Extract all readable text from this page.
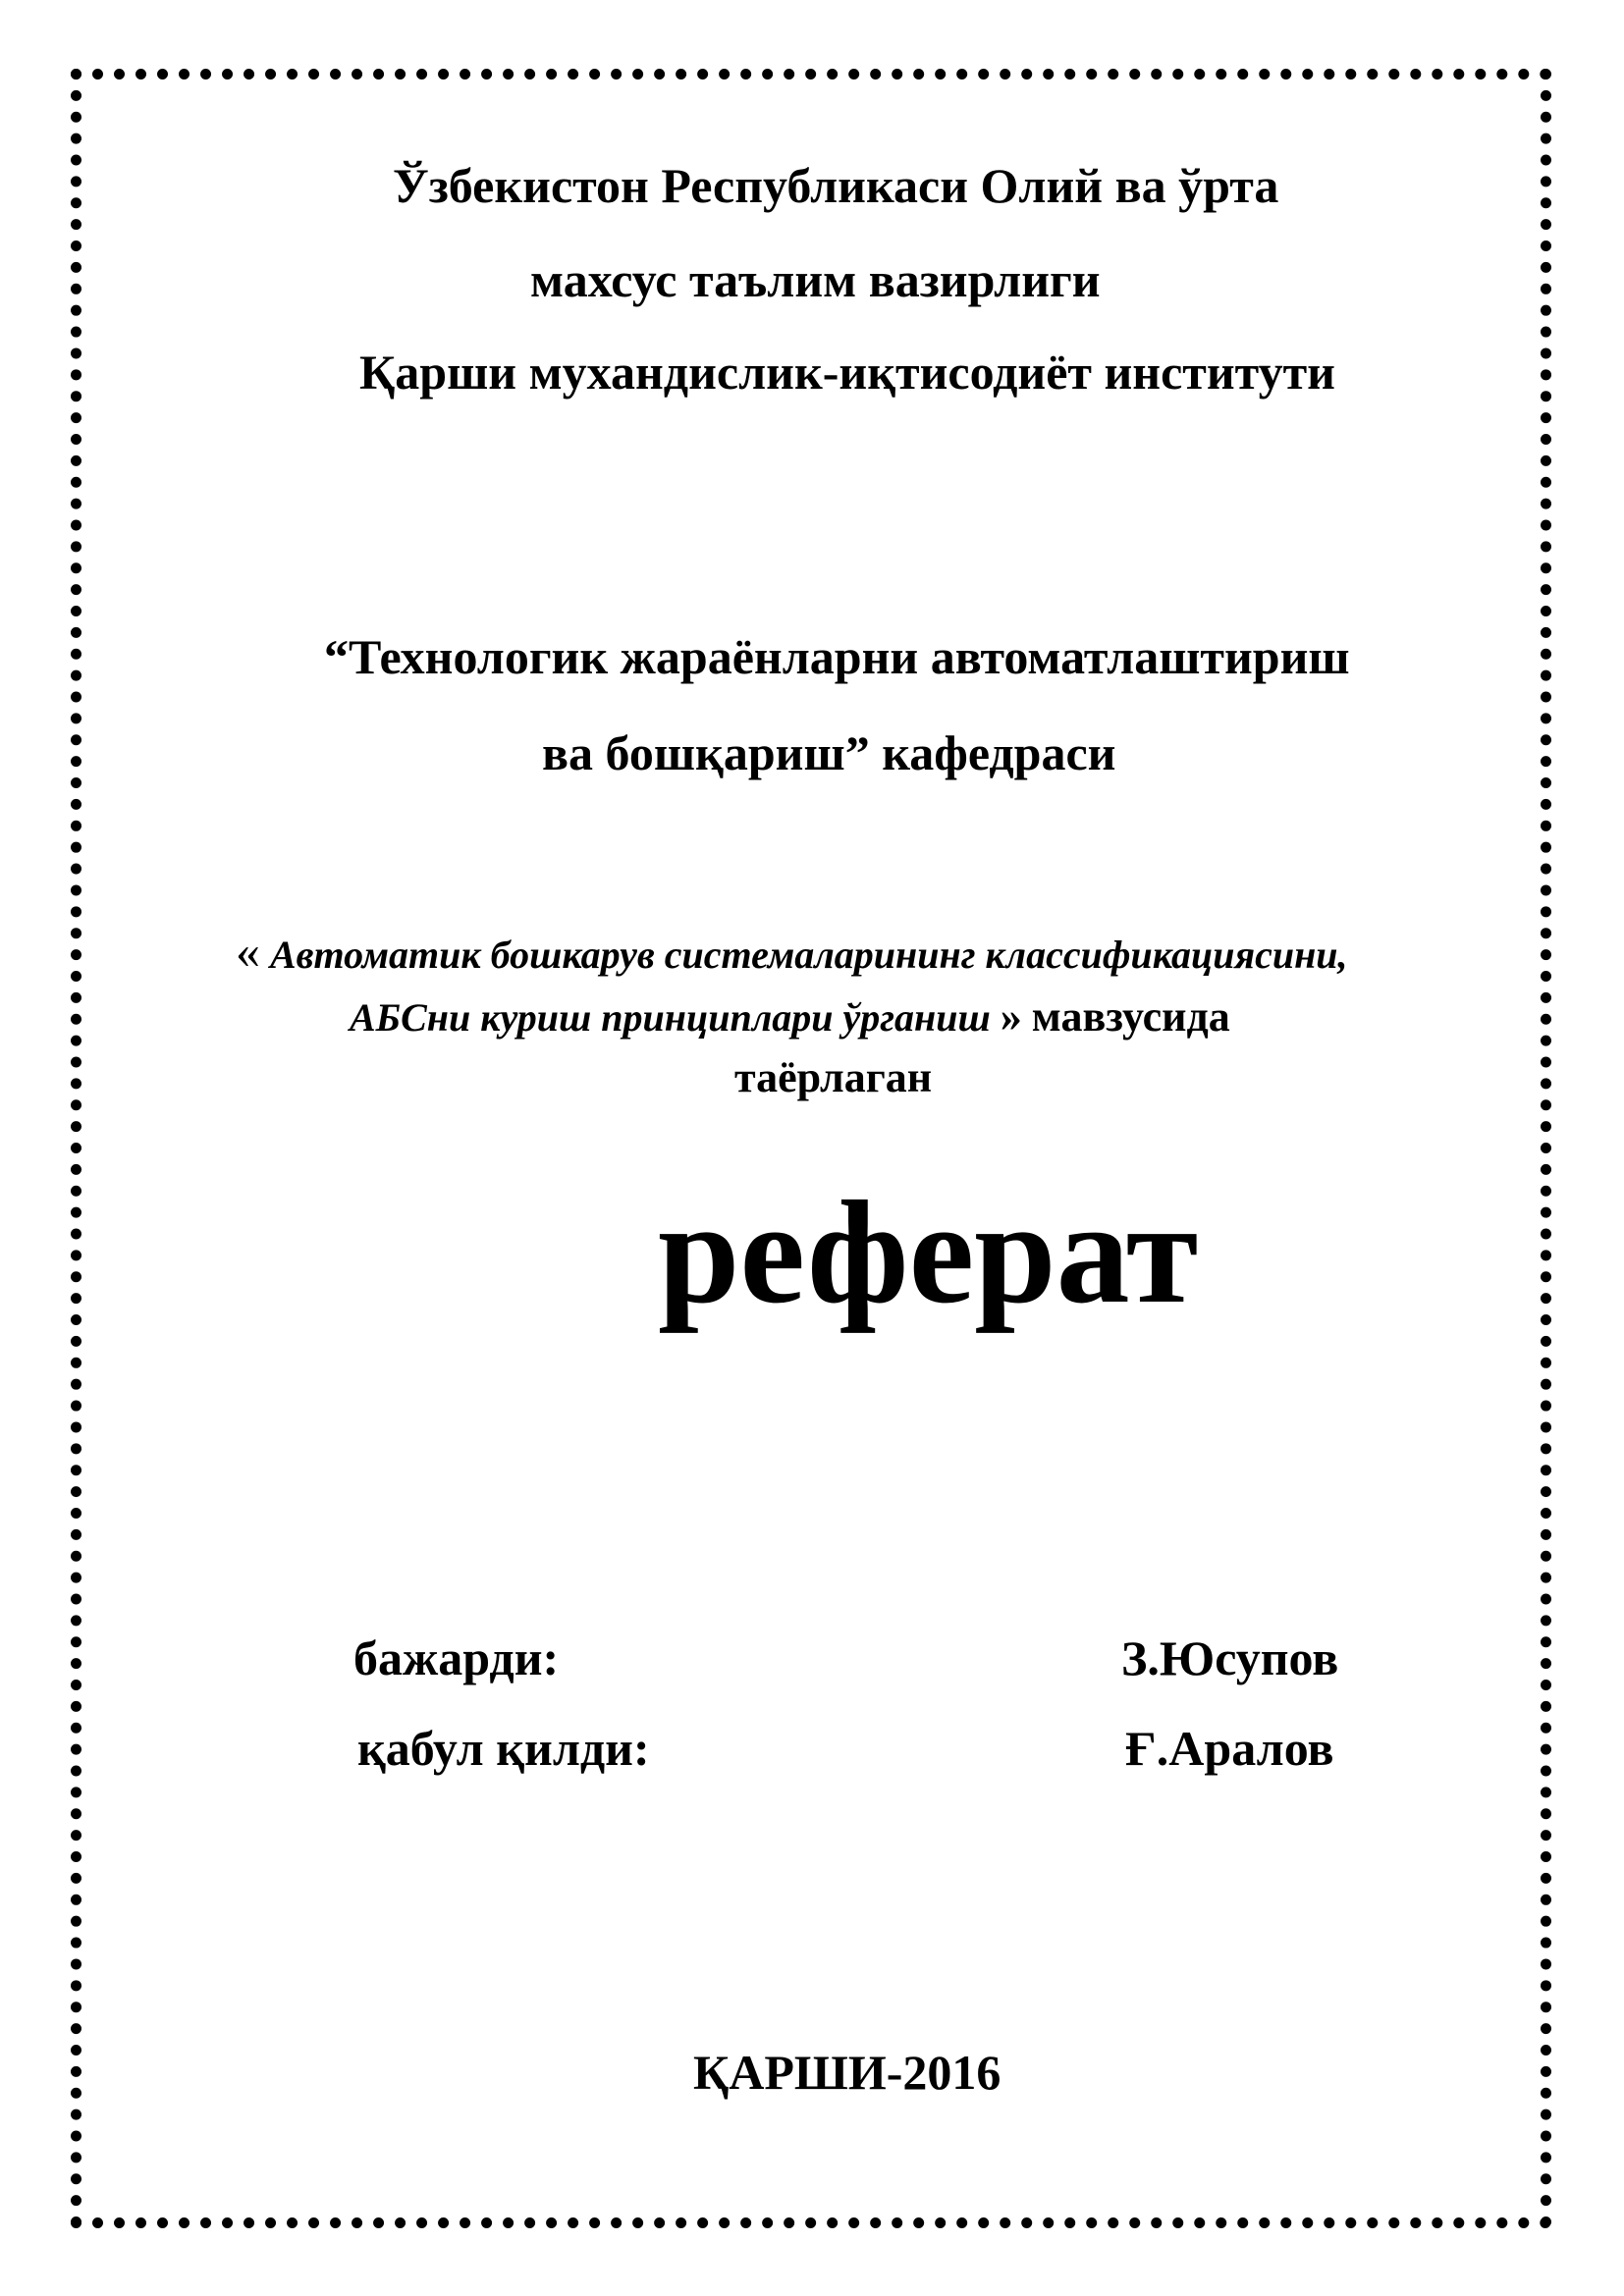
Ўзбекистон Республикаси Олий ва ўрта
махсус таълим вазирлиги
Қарши мухандислик-иқтисодиёт институти
“Технологик жараёнларни автоматлаштириш
ва бошқариш” кафедраси
« Автоматик бошкарув системаларининг классификациясини,
АБСни куриш принциплари ўрганиш » мавзусида
таёрлаган
реферат
бажарди:	З.Юсупов
қабул қилди:	Ғ.Аралов
ҚАРШИ-2016
